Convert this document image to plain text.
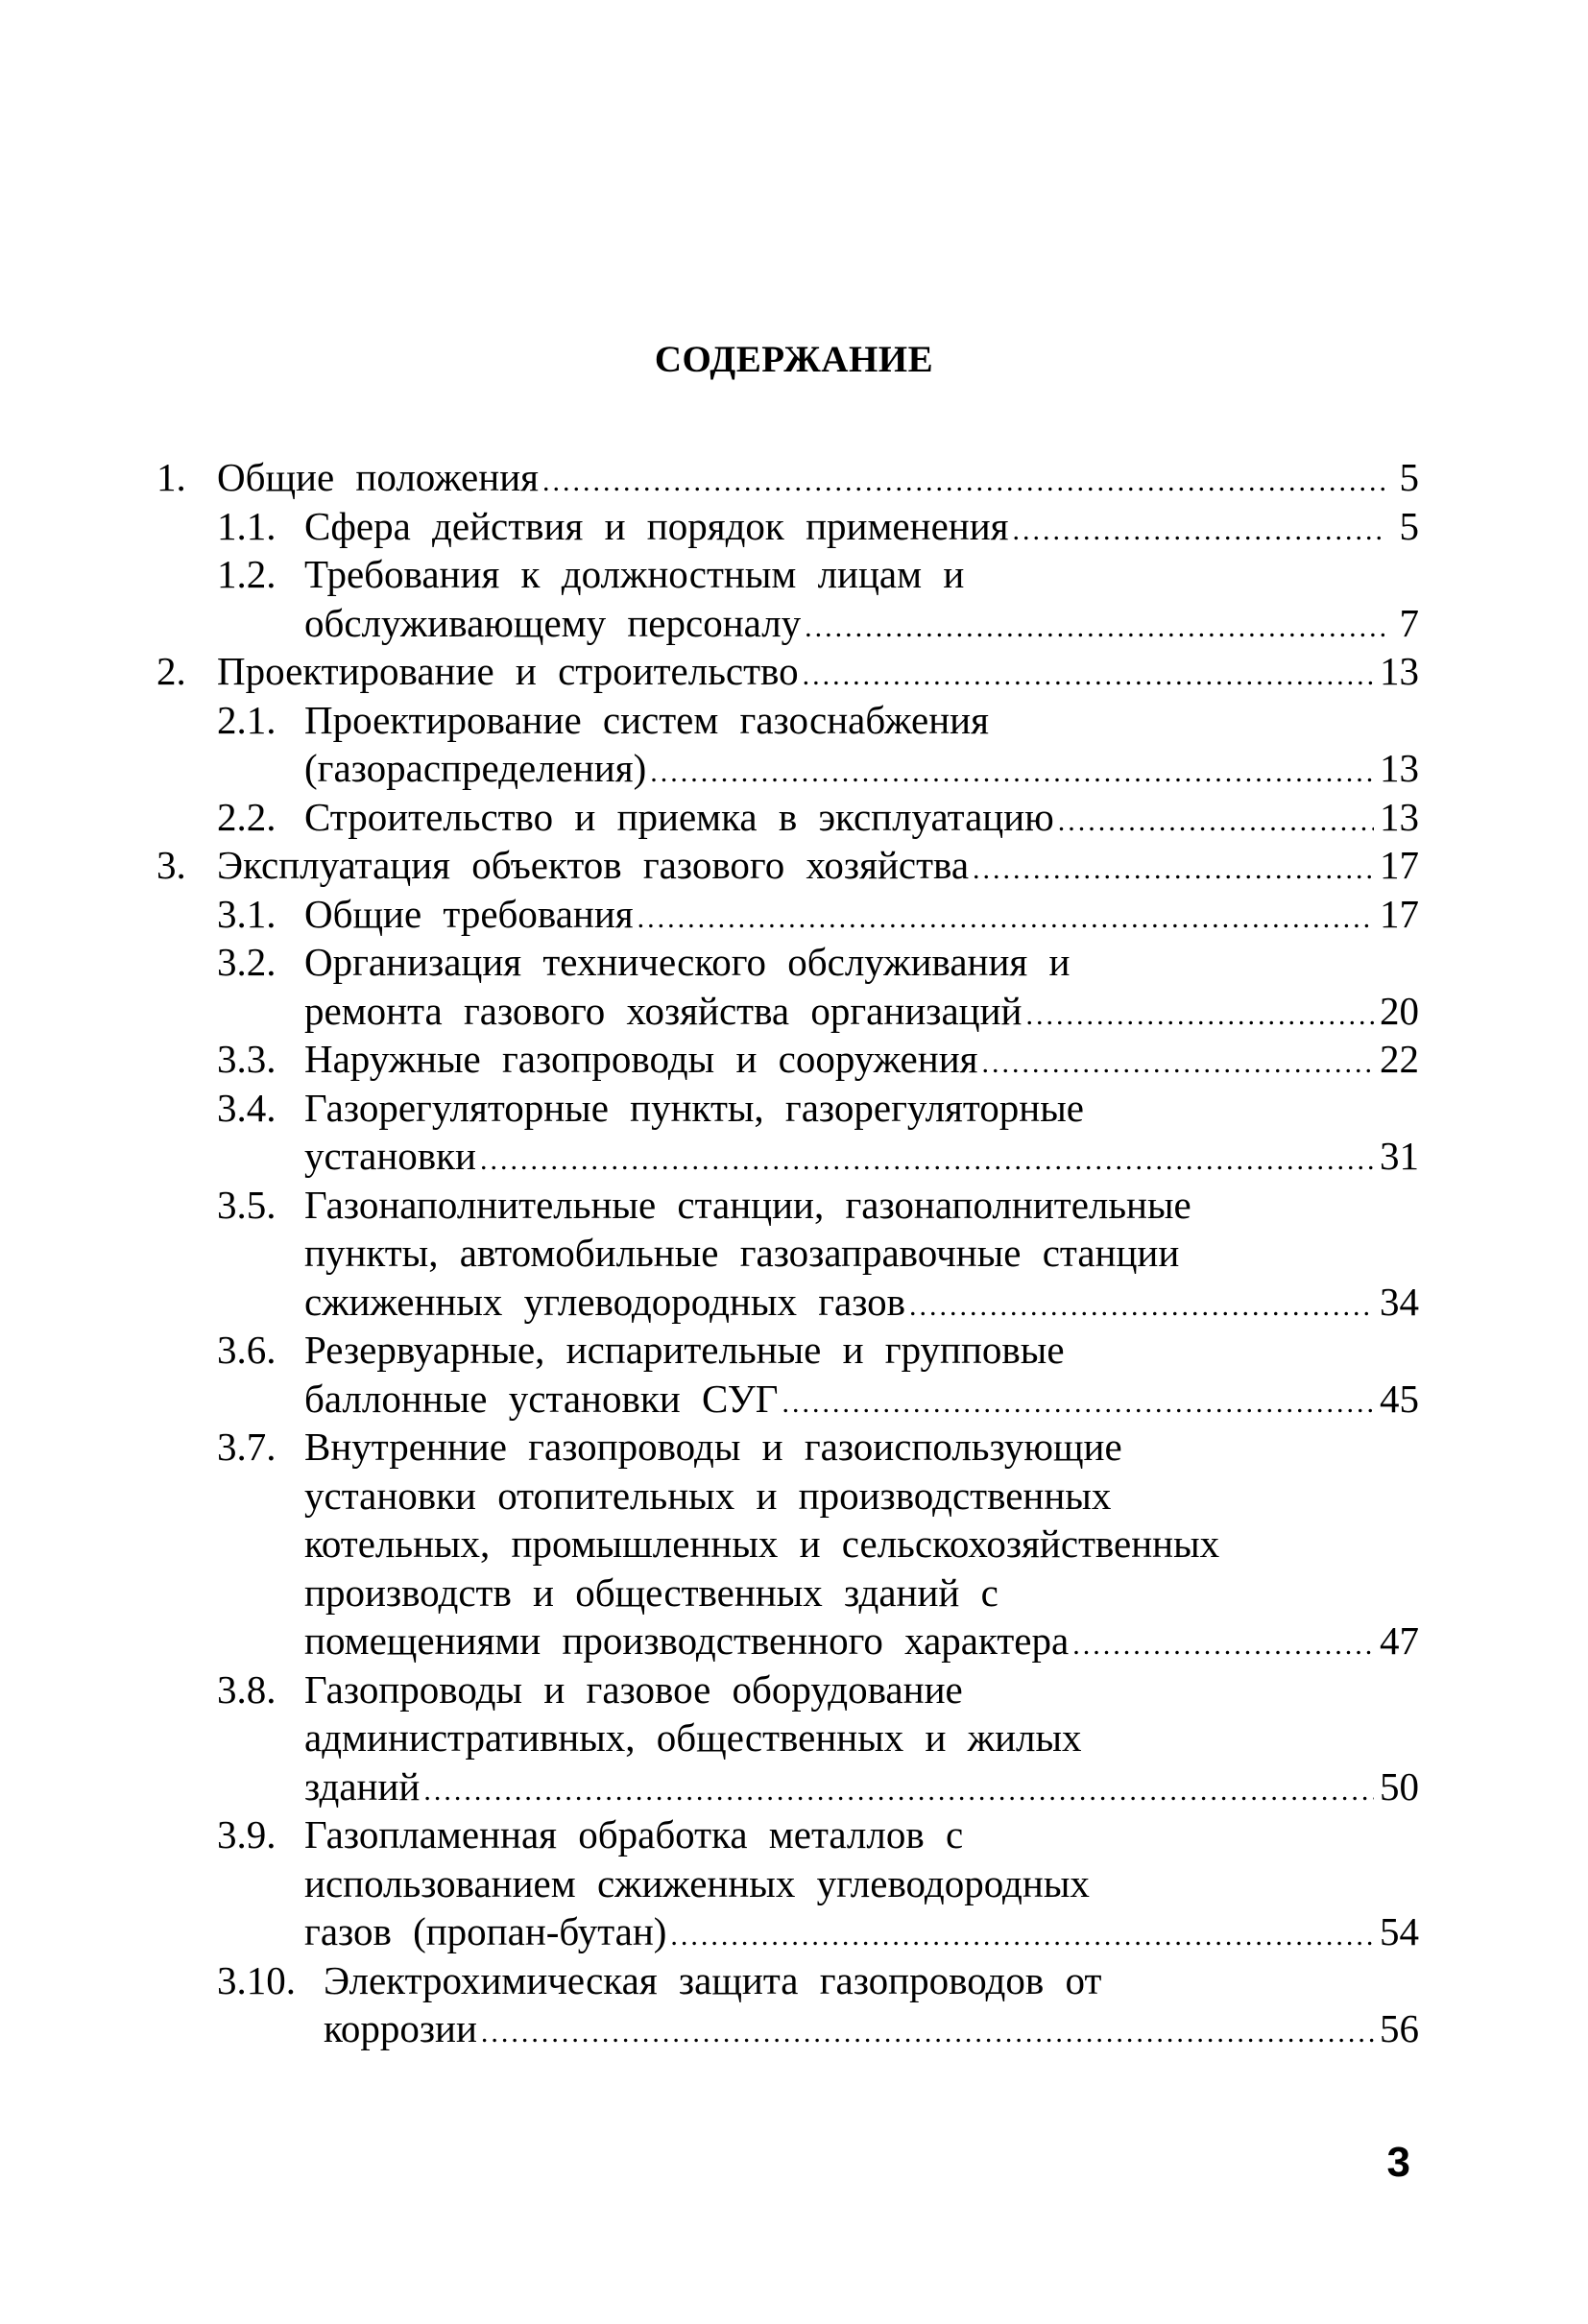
СОДЕРЖАНИЕ
1. Общие положения .....	5
1.1. Сфера действия и порядок применения .....	5
1.2. Требования к должностным лицам и
обслуживающему персоналу .....	7
2. Проектирование и строительство .....	13
2.1. Проектирование систем газоснабжения
(газораспределения) .....	13
2.2. Строительство и приемка в эксплуатацию .....	13
3. Эксплуатация объектов газового хозяйства .....	17
3.1. Общие требования .....	17
3.2. Организация технического обслуживания и
ремонта газового хозяйства организаций .....	20
3.3. Наружные газопроводы и сооружения .....	22
3.4. Газорегуляторные пункты, газорегуляторные
установки .....	31
3.5. Газонаполнительные станции, газонаполнительные
пункты, автомобильные газозаправочные станции
сжиженных углеводородных газов .....	34
3.6. Резервуарные, испарительные и групповые
баллонные установки СУГ .....	45
3.7. Внутренние газопроводы и газоиспользующие
установки отопительных и производственных
котельных, промышленных и сельскохозяйственных
производств и общественных зданий с
помещениями производственного характера .....	47
3.8. Газопроводы и газовое оборудование
административных, общественных и жилых
зданий .....	50
3.9. Газопламенная обработка металлов с
использованием сжиженных углеводородных
газов (пропан-бутан) .....	54
3.10. Электрохимическая защита газопроводов от
коррозии .....	56
3
